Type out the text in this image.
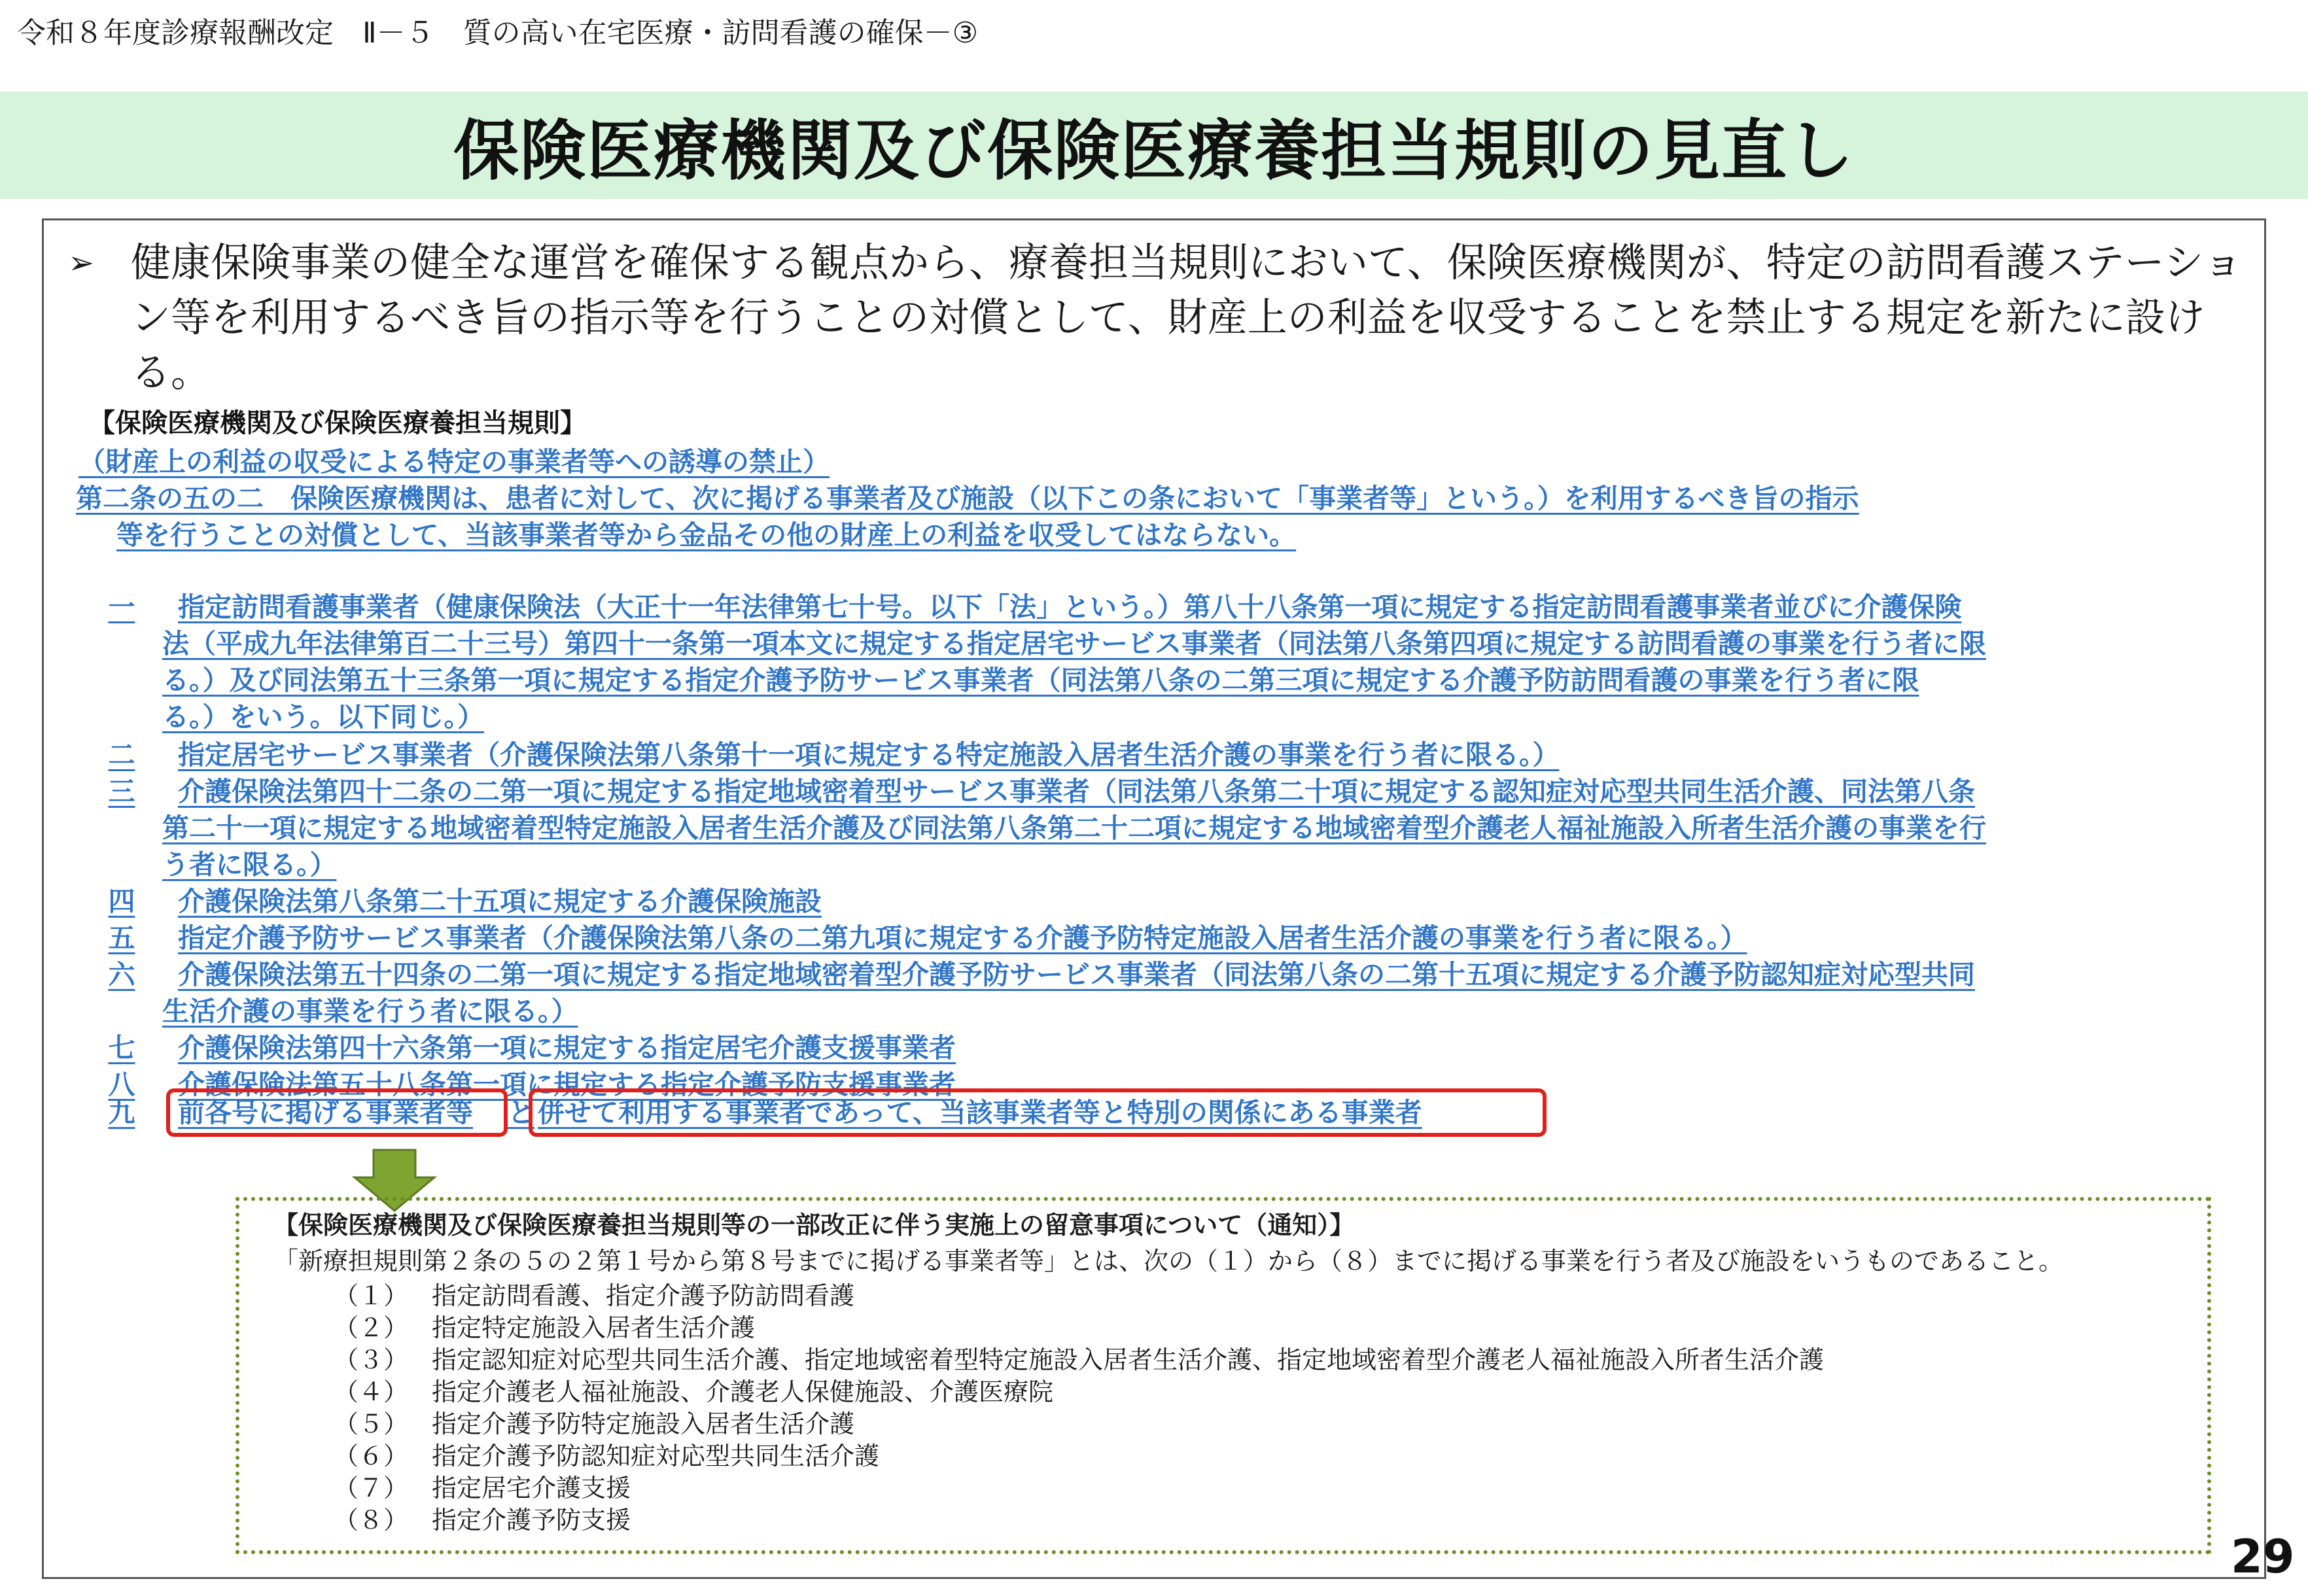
令和８年度診療報酬改定　Ⅱ－５　質の高い在宅医療・訪問看護の確保－③
保険医療機関及び保険医療養担当規則の見直し
➢ 健康保険事業の健全な運営を確保する観点から、療養担当規則において、保険医療機関が、特定の訪問看護ステーション等を利用するべき旨の指示等を行うことの対償として、財産上の利益を収受することを禁止する規定を新たに設ける。
【保険医療機関及び保険医療養担当規則】
（財産上の利益の収受による特定の事業者等への誘導の禁止）
第二条の五の二　保険医療機関は、患者に対して、次に掲げる事業者及び施設（以下この条において「事業者等」という。）を利用するべき旨の指示
等を行うことの対償として、当該事業者等から金品その他の財産上の利益を収受してはならない。
一 指定訪問看護事業者（健康保険法（大正十一年法律第七十号。以下「法」という。）第八十八条第一項に規定する指定訪問看護事業者並びに介護保険
法（平成九年法律第百二十三号）第四十一条第一項本文に規定する指定居宅サービス事業者（同法第八条第四項に規定する訪問看護の事業を行う者に限
る。）及び同法第五十三条第一項に規定する指定介護予防サービス事業者（同法第八条の二第三項に規定する介護予防訪問看護の事業を行う者に限
る。）をいう。以下同じ。）
二 指定居宅サービス事業者（介護保険法第八条第十一項に規定する特定施設入居者生活介護の事業を行う者に限る。）
三 介護保険法第四十二条の二第一項に規定する指定地域密着型サービス事業者（同法第八条第二十項に規定する認知症対応型共同生活介護、同法第八条
第二十一項に規定する地域密着型特定施設入居者生活介護及び同法第八条第二十二項に規定する地域密着型介護老人福祉施設入所者生活介護の事業を行
う者に限る。）
四 介護保険法第八条第二十五項に規定する介護保険施設
五 指定介護予防サービス事業者（介護保険法第八条の二第九項に規定する介護予防特定施設入居者生活介護の事業を行う者に限る。）
六 介護保険法第五十四条の二第一項に規定する指定地域密着型介護予防サービス事業者（同法第八条の二第十五項に規定する介護予防認知症対応型共同
生活介護の事業を行う者に限る。）
七 介護保険法第四十六条第一項に規定する指定居宅介護支援事業者
八 介護保険法第五十八条第一項に規定する指定介護予防支援事業者
九 前各号に掲げる事業者等 と 併せて利用する事業者であって、当該事業者等と特別の関係にある事業者
【保険医療機関及び保険医療養担当規則等の一部改正に伴う実施上の留意事項について（通知）】
「新療担規則第２条の５の２第１号から第８号までに掲げる事業者等」とは、次の（１）から（８）までに掲げる事業を行う者及び施設をいうものであること。
（１） 指定訪問看護、指定介護予防訪問看護
（２） 指定特定施設入居者生活介護
（３） 指定認知症対応型共同生活介護、指定地域密着型特定施設入居者生活介護、指定地域密着型介護老人福祉施設入所者生活介護
（４） 指定介護老人福祉施設、介護老人保健施設、介護医療院
（５） 指定介護予防特定施設入居者生活介護
（６） 指定介護予防認知症対応型共同生活介護
（７） 指定居宅介護支援
（８） 指定介護予防支援
29
